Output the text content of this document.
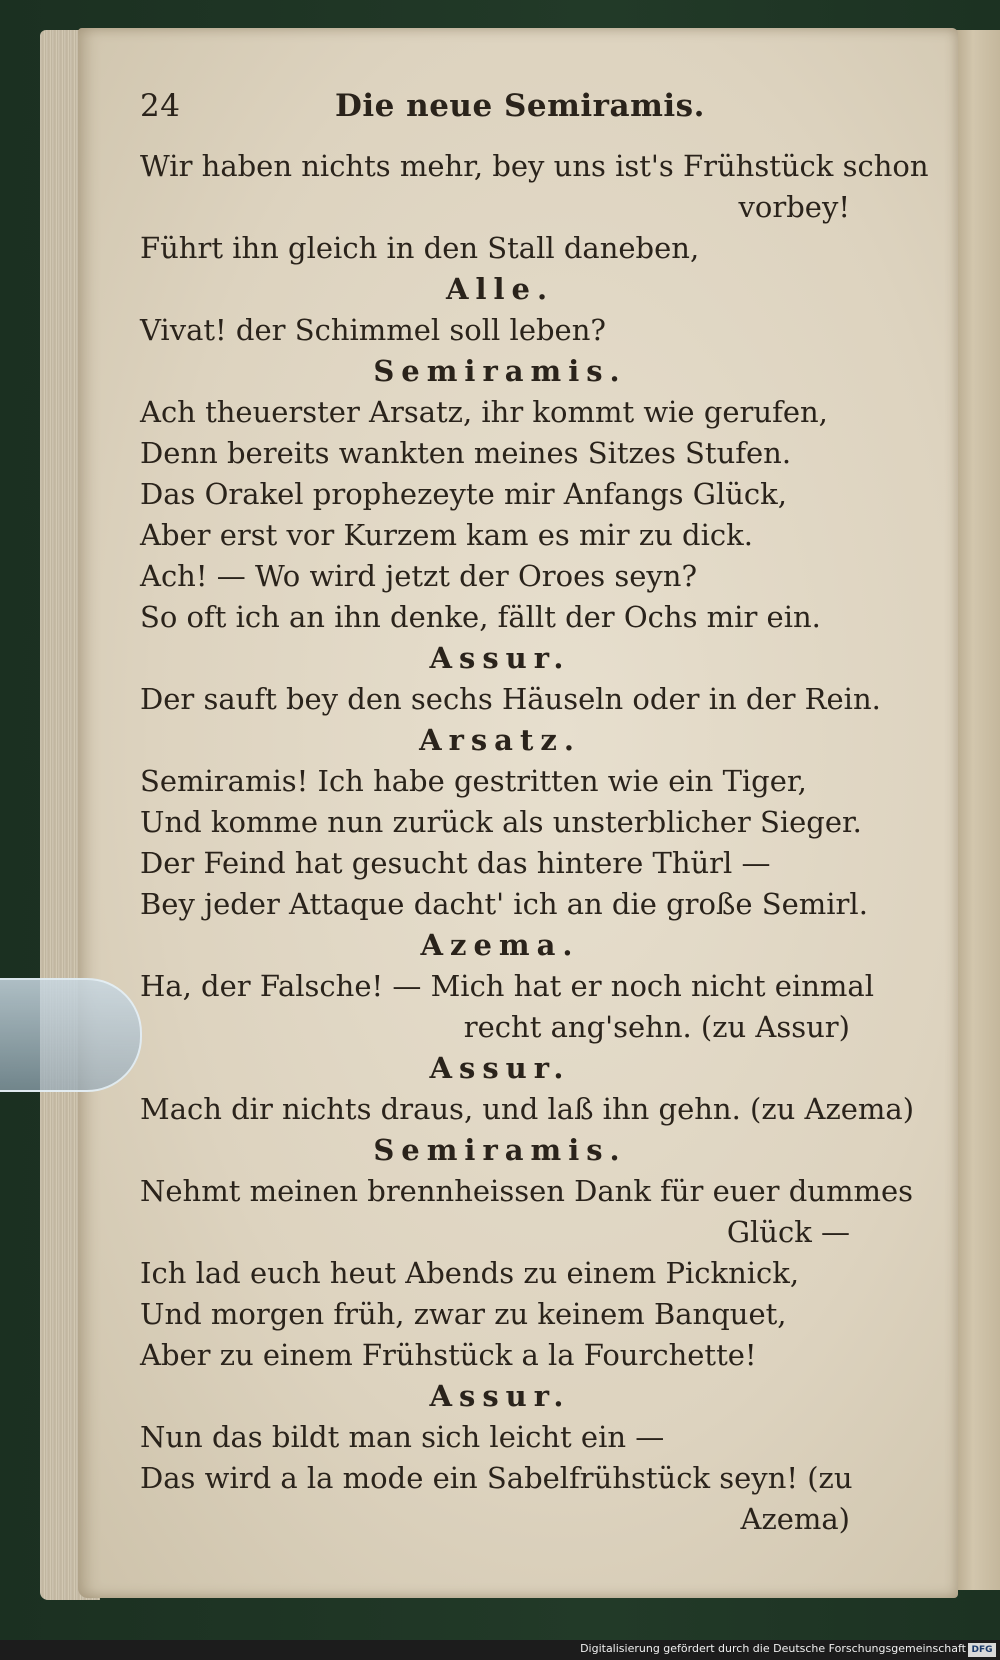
24	Die neue Semiramis.
Wir haben nichts mehr, bey uns ist's Frühstück schon
vorbey!
Führt ihn gleich in den Stall daneben,
Alle.
Vivat! der Schimmel soll leben?
Semiramis.
Ach theuerster Arsatz, ihr kommt wie gerufen,
Denn bereits wankten meines Sitzes Stufen.
Das Orakel prophezeyte mir Anfangs Glück,
Aber erst vor Kurzem kam es mir zu dick.
Ach! — Wo wird jetzt der Oroes seyn?
So oft ich an ihn denke, fällt der Ochs mir ein.
Assur.
Der sauft bey den sechs Häuseln oder in der Rein.
Arsatz.
Semiramis! Ich habe gestritten wie ein Tiger,
Und komme nun zurück als unsterblicher Sieger.
Der Feind hat gesucht das hintere Thürl —
Bey jeder Attaque dacht' ich an die große Semirl.
Azema.
Ha, der Falsche! — Mich hat er noch nicht einmal
recht ang'sehn. (zu Assur)
Assur.
Mach dir nichts draus, und laß ihn gehn. (zu Azema)
Semiramis.
Nehmt meinen brennheissen Dank für euer dummes
Glück —
Ich lad euch heut Abends zu einem Picknick,
Und morgen früh, zwar zu keinem Banquet,
Aber zu einem Frühstück a la Fourchette!
Assur.
Nun das bildt man sich leicht ein —
Das wird a la mode ein Sabelfrühstück seyn! (zu
Azema)
Digitalisierung gefördert durch die Deutsche Forschungsgemeinschaft DFG
